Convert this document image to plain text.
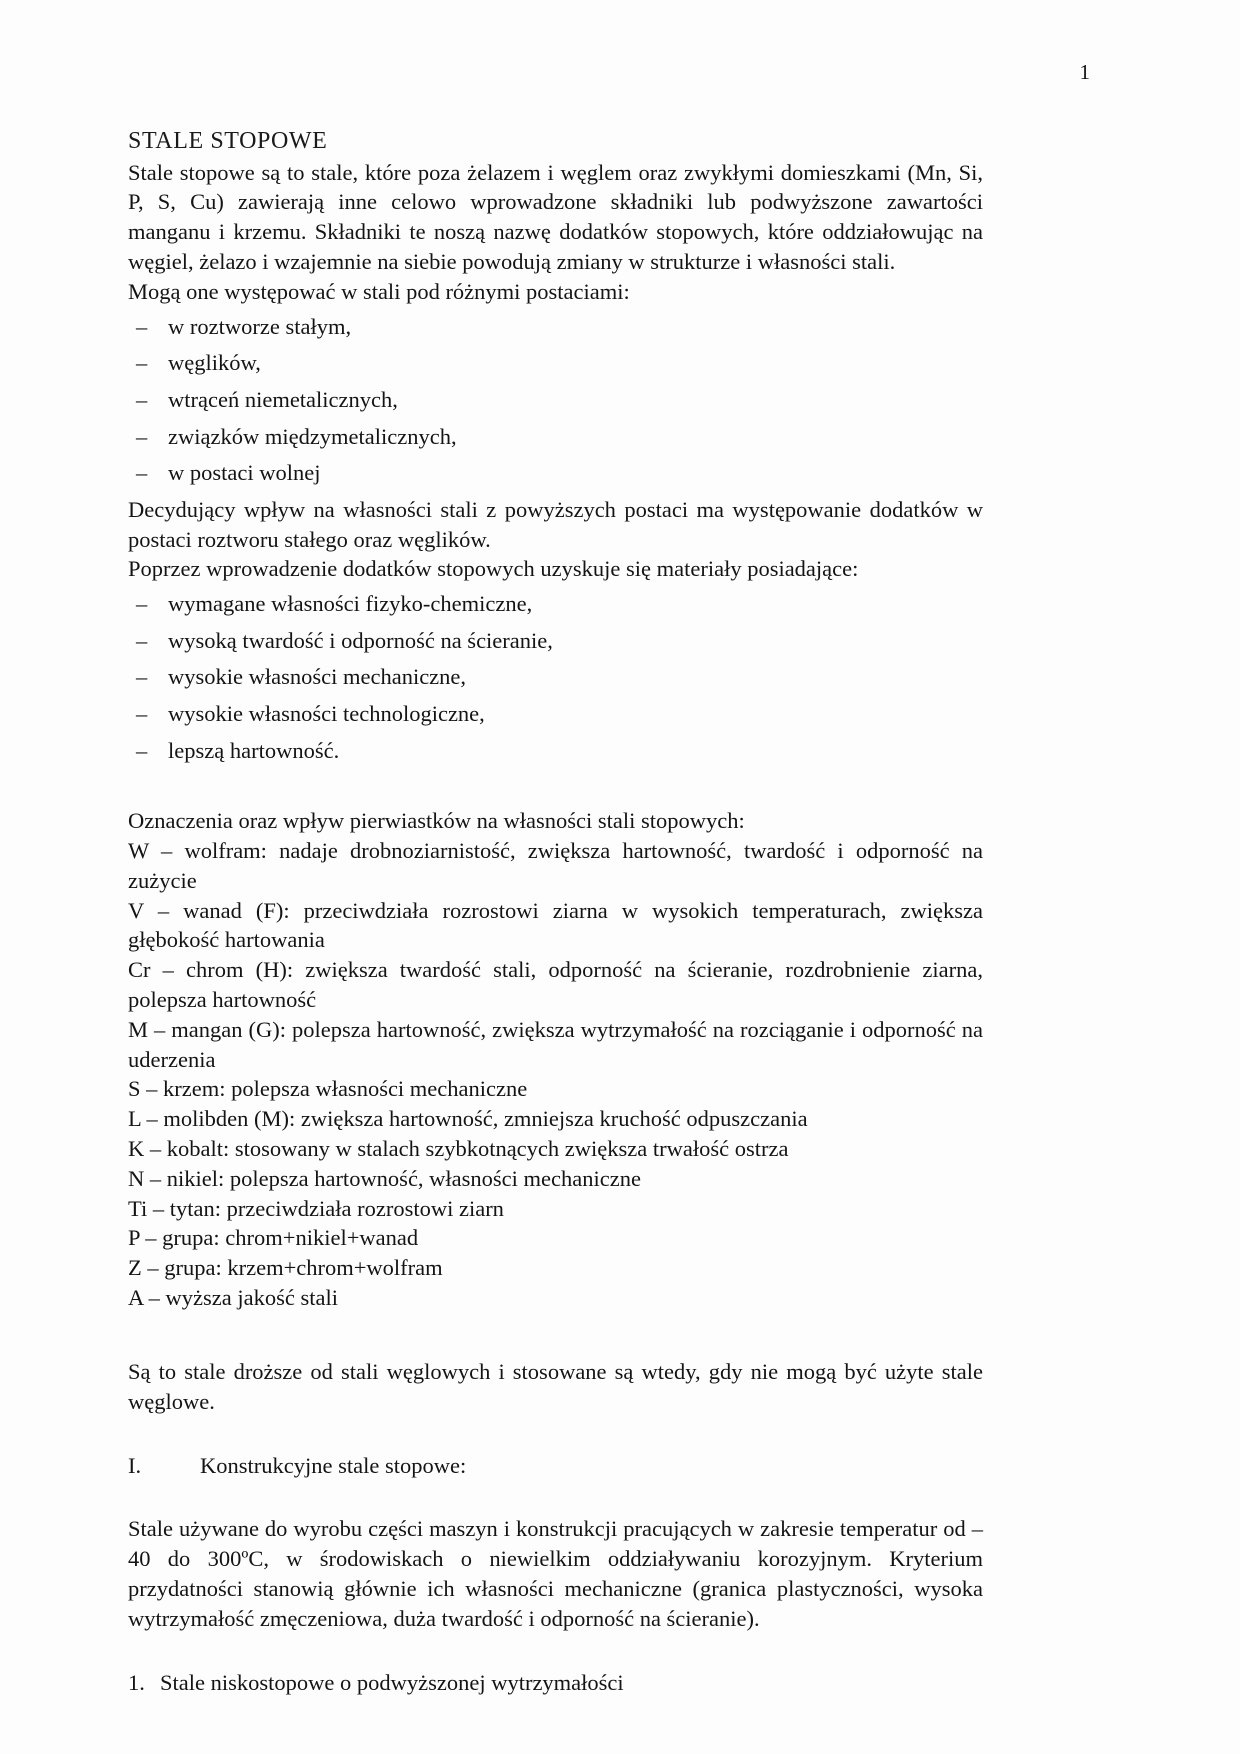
1
STALE STOPOWE

Stale stopowe są to stale, które poza żelazem i węglem oraz zwykłymi domieszkami (Mn, Si, P, S, Cu) zawierają inne celowo wprowadzone składniki lub podwyższone zawartości manganu i krzemu. Składniki te noszą nazwę dodatków stopowych, które oddziałowując na węgiel, żelazo i wzajemnie na siebie powodują zmiany w strukturze i własności stali.

Mogą one występować w stali pod różnymi postaciami:

– w roztworze stałym,
– węglików,
– wtrąceń niemetalicznych,
– związków międzymetalicznych,
– w postaci wolnej

Decydujący wpływ na własności stali z powyższych postaci ma występowanie dodatków w postaci roztworu stałego oraz węglików.

Poprzez wprowadzenie dodatków stopowych uzyskuje się materiały posiadające:

– wymagane własności fizyko-chemiczne,
– wysoką twardość i odporność na ścieranie,
– wysokie własności mechaniczne,
– wysokie własności technologiczne,
– lepszą hartowność.

Oznaczenia oraz wpływ pierwiastków na własności stali stopowych:

W – wolfram: nadaje drobnoziarnistość, zwiększa hartowność, twardość i odporność na zużycie

V – wanad (F): przeciwdziała rozrostowi ziarna w wysokich temperaturach, zwiększa głębokość hartowania

Cr – chrom (H): zwiększa twardość stali, odporność na ścieranie, rozdrobnienie ziarna, polepsza hartowność

M – mangan (G): polepsza hartowność, zwiększa wytrzymałość na rozciąganie i odporność na uderzenia

S – krzem: polepsza własności mechaniczne

L – molibden (M): zwiększa hartowność, zmniejsza kruchość odpuszczania

K – kobalt: stosowany w stalach szybkotnących zwiększa trwałość ostrza

N – nikiel: polepsza hartowność, własności mechaniczne

Ti – tytan: przeciwdziała rozrostowi ziarn

P – grupa: chrom+nikiel+wanad

Z – grupa: krzem+chrom+wolfram

A – wyższa jakość stali

Są to stale droższe od stali węglowych i stosowane są wtedy, gdy nie mogą być użyte stale węglowe.

I.	Konstrukcyjne stale stopowe:

Stale używane do wyrobu części maszyn i konstrukcji pracujących w zakresie temperatur od –40 do 300ºC, w środowiskach o niewielkim oddziaływaniu korozyjnym. Kryterium przydatności stanowią głównie ich własności mechaniczne (granica plastyczności, wysoka wytrzymałość zmęczeniowa, duża twardość i odporność na ścieranie).

1. Stale niskostopowe o podwyższonej wytrzymałości
